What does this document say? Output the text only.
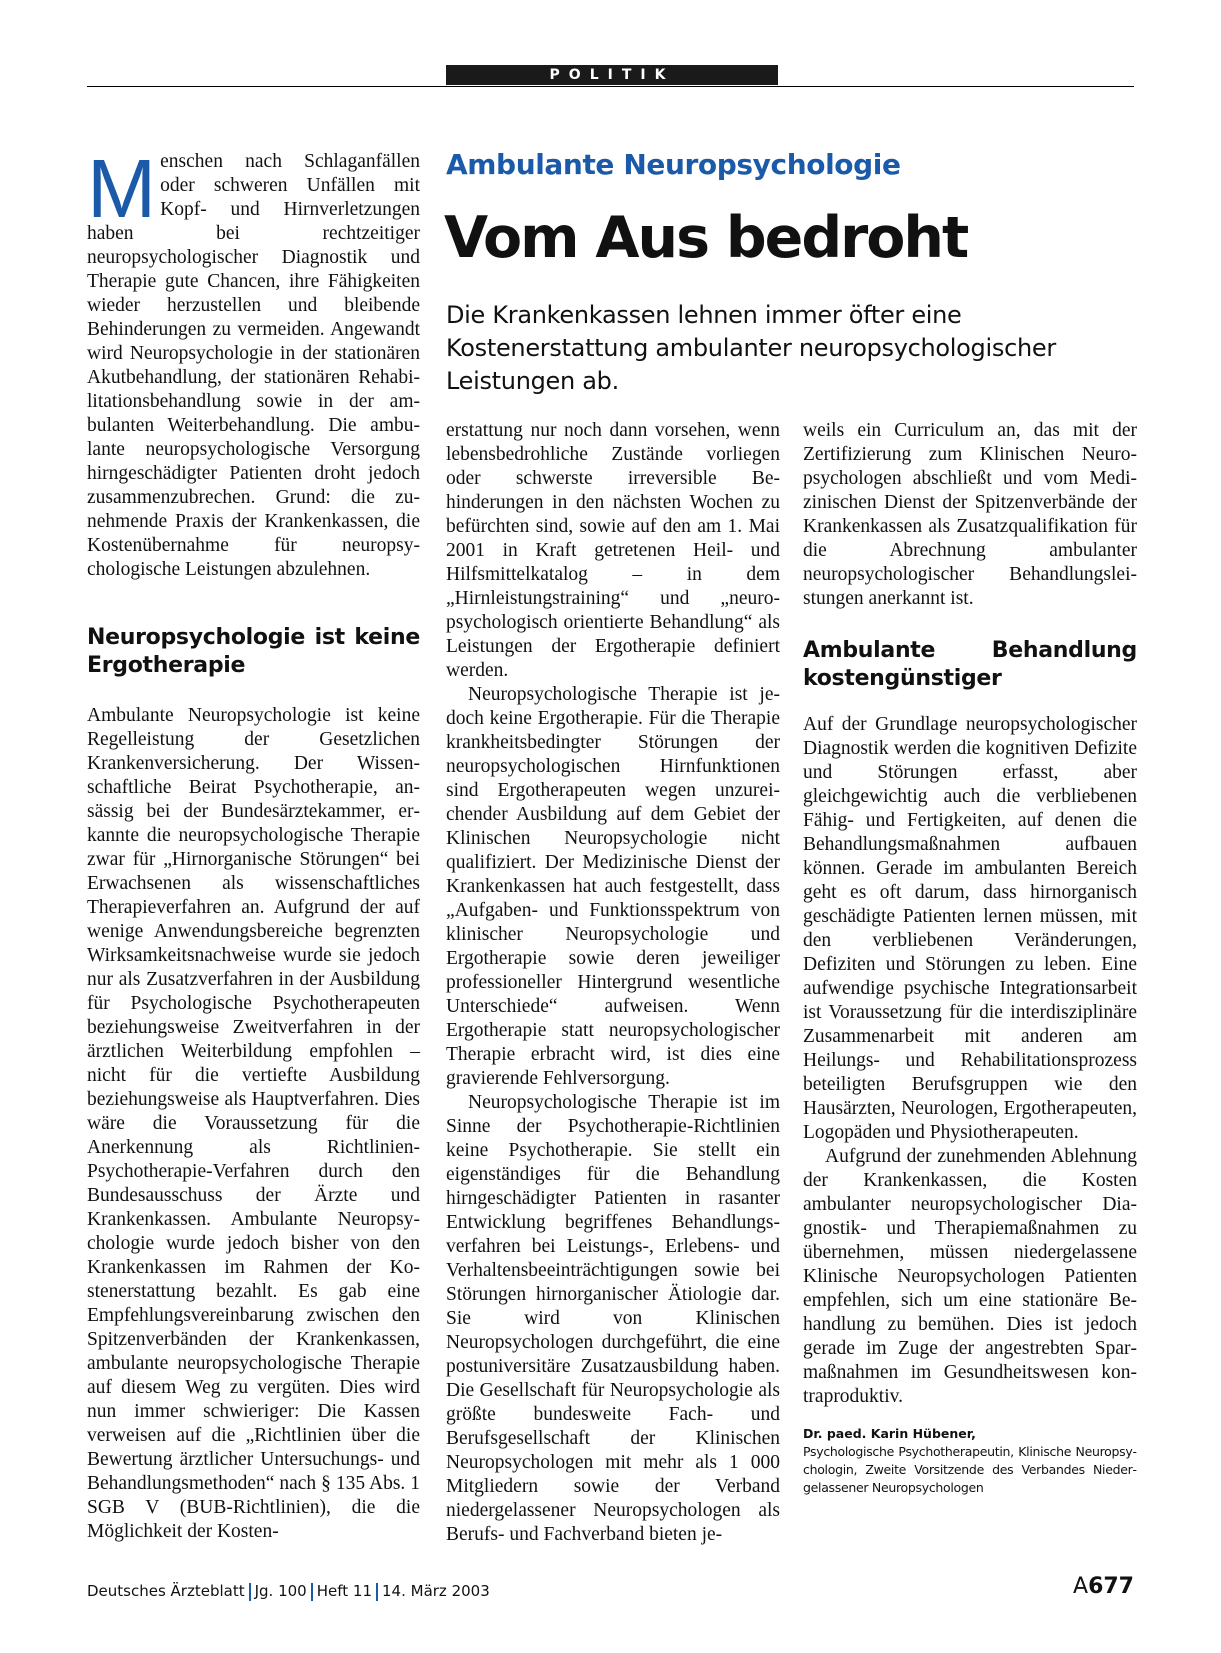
POLITIK
Ambulante Neuropsychologie
Vom Aus bedroht

Die Krankenkassen lehnen immer öfter eine Kostenerstattung ambulanter neuropsychologischer Leistungen ab.

Menschen nach Schlaganfällen oder schweren Unfällen mit Kopf- und Hirnverletzungen haben bei rechtzeitiger neuropsychologischer Diagnostik und Therapie gute Chancen, ihre Fähigkeiten wieder herzustellen und bleibende Behinderungen zu vermeiden. Angewandt wird Neuropsychologie in der stationären Akutbehandlung, der stationären Rehabilitationsbehandlung sowie in der ambulanten Weiterbehandlung. Die ambulante neuropsychologische Versorgung hirngeschädigter Patienten droht jedoch zusammenzubrechen. Grund: die zunehmende Praxis der Krankenkassen, die Kostenübernahme für neuropsychologische Leistungen abzulehnen.

Neuropsychologie ist keine Ergotherapie

Ambulante Neuropsychologie ist keine Regelleistung der Gesetzlichen Krankenversicherung. Der Wissenschaftliche Beirat Psychotherapie, ansässig bei der Bundesärztekammer, erkannte die neuropsychologische Therapie zwar für „Hirnorganische Störungen“ bei Erwachsenen als wissenschaftliches Therapieverfahren an. Aufgrund der auf wenige Anwendungsbereiche begrenzten Wirksamkeitsnachweise wurde sie jedoch nur als Zusatzverfahren in der Ausbildung für Psychologische Psychotherapeuten beziehungsweise Zweitverfahren in der ärztlichen Weiterbildung empfohlen – nicht für die vertiefte Ausbildung beziehungsweise als Hauptverfahren. Dies wäre die Voraussetzung für die Anerkennung als Richtlinien-Psychotherapie-Verfahren durch den Bundesausschuss der Ärzte und Krankenkassen. Ambulante Neuropsychologie wurde jedoch bisher von den Krankenkassen im Rahmen der Kostenerstattung bezahlt. Es gab eine Empfehlungsvereinbarung zwischen den Spitzenverbänden der Krankenkassen, ambulante neuropsychologische Therapie auf diesem Weg zu vergüten. Dies wird nun immer schwieriger: Die Kassen verweisen auf die „Richtlinien über die Bewertung ärztlicher Untersuchungs- und Behandlungsmethoden“ nach § 135 Abs. 1 SGB V (BUB-Richtlinien), die die Möglichkeit der Kosten-

erstattung nur noch dann vorsehen, wenn lebensbedrohliche Zustände vorliegen oder schwerste irreversible Behinderungen in den nächsten Wochen zu befürchten sind, sowie auf den am 1. Mai 2001 in Kraft getretenen Heil- und Hilfsmittelkatalog – in dem „Hirnleistungstraining“ und „neuropsychologisch orientierte Behandlung“ als Leistungen der Ergotherapie definiert werden.

Neuropsychologische Therapie ist jedoch keine Ergotherapie. Für die Therapie krankheitsbedingter Störungen der neuropsychologischen Hirnfunktionen sind Ergotherapeuten wegen unzureichender Ausbildung auf dem Gebiet der Klinischen Neuropsychologie nicht qualifiziert. Der Medizinische Dienst der Krankenkassen hat auch festgestellt, dass „Aufgaben- und Funktionsspektrum von klinischer Neuropsychologie und Ergotherapie sowie deren jeweiliger professioneller Hintergrund wesentliche Unterschiede“ aufweisen. Wenn Ergotherapie statt neuropsychologischer Therapie erbracht wird, ist dies eine gravierende Fehlversorgung.

Neuropsychologische Therapie ist im Sinne der Psychotherapie-Richtlinien keine Psychotherapie. Sie stellt ein eigenständiges für die Behandlung hirngeschädigter Patienten in rasanter Entwicklung begriffenes Behandlungsverfahren bei Leistungs-, Erlebens- und Verhaltensbeeinträchtigungen sowie bei Störungen hirnorganischer Ätiologie dar. Sie wird von Klinischen Neuropsychologen durchgeführt, die eine postuniversitäre Zusatzausbildung haben. Die Gesellschaft für Neuropsychologie als größte bundesweite Fach- und Berufsgesellschaft der Klinischen Neuropsychologen mit mehr als 1 000 Mitgliedern sowie der Verband niedergelassener Neuropsychologen als Berufs- und Fachverband bieten je-

weils ein Curriculum an, das mit der Zertifizierung zum Klinischen Neuropsychologen abschließt und vom Medizinischen Dienst der Spitzenverbände der Krankenkassen als Zusatzqualifikation für die Abrechnung ambulanter neuropsychologischer Behandlungsleistungen anerkannt ist.

Ambulante Behandlung kostengünstiger

Auf der Grundlage neuropsychologischer Diagnostik werden die kognitiven Defizite und Störungen erfasst, aber gleichgewichtig auch die verbliebenen Fähig- und Fertigkeiten, auf denen die Behandlungsmaßnahmen aufbauen können. Gerade im ambulanten Bereich geht es oft darum, dass hirnorganisch geschädigte Patienten lernen müssen, mit den verbliebenen Veränderungen, Defiziten und Störungen zu leben. Eine aufwendige psychische Integrationsarbeit ist Voraussetzung für die interdisziplinäre Zusammenarbeit mit anderen am Heilungs- und Rehabilitationsprozess beteiligten Berufsgruppen wie den Hausärzten, Neurologen, Ergotherapeuten, Logopäden und Physiotherapeuten.

Aufgrund der zunehmenden Ablehnung der Krankenkassen, die Kosten ambulanter neuropsychologischer Diagnostik- und Therapiemaßnahmen zu übernehmen, müssen niedergelassene Klinische Neuropsychologen Patienten empfehlen, sich um eine stationäre Behandlung zu bemühen. Dies ist jedoch gerade im Zuge der angestrebten Sparmaßnahmen im Gesundheitswesen kontraproduktiv.

Dr. paed. Karin Hübener,

Psychologische Psychotherapeutin, Klinische Neuropsychologin, Zweite Vorsitzende des Verbandes Niedergelassener Neuropsychologen

Deutsches Ärzteblatt Jg. 100 Heft 11 14. März 2003	A677
